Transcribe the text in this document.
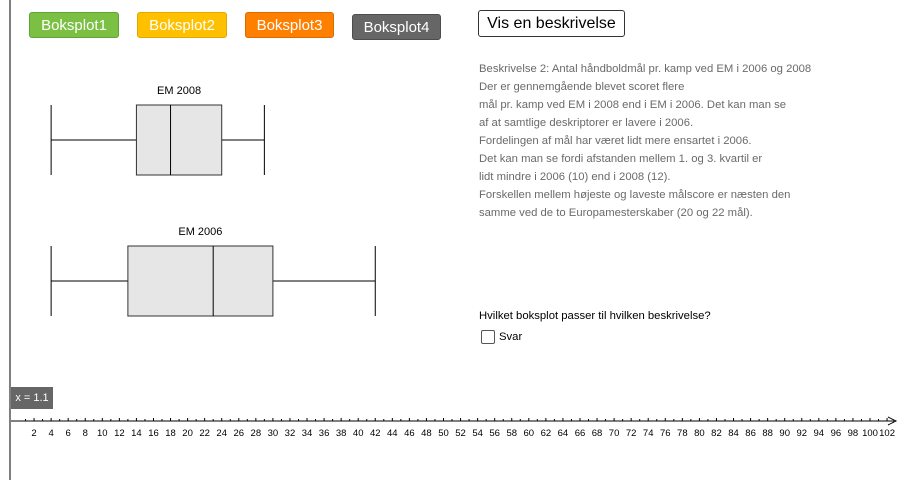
Boksplot1	Boksplot2	Boksplot3	Boksplot4	Vis en beskrivelse
EM 2008
EM 2006
2 4 6 8 10 12 14 16 18 20 22 24 26 28 30 32 34 36 38 40 42 44 46 48 50 52 54 56 58 60 62 64 66 68 70 72 74 76 78 80 82 84 86 88 90 92 94 96 98 100 102
Beskrivelse 2: Antal håndboldmål pr. kamp ved EM i 2006 og 2008
Der er gennemgående blevet scoret flere
mål pr. kamp ved EM i 2008 end i EM i 2006. Det kan man se
af at samtlige deskriptorer er lavere i 2006.
Fordelingen af mål har været lidt mere ensartet i 2006.
Det kan man se fordi afstanden mellem 1. og 3. kvartil er
lidt mindre i 2006 (10) end i 2008 (12).
Forskellen mellem højeste og laveste målscore er næsten den
samme ved de to Europamesterskaber (20 og 22 mål).
Hvilket boksplot passer til hvilken beskrivelse?
Svar
x = 1.1
